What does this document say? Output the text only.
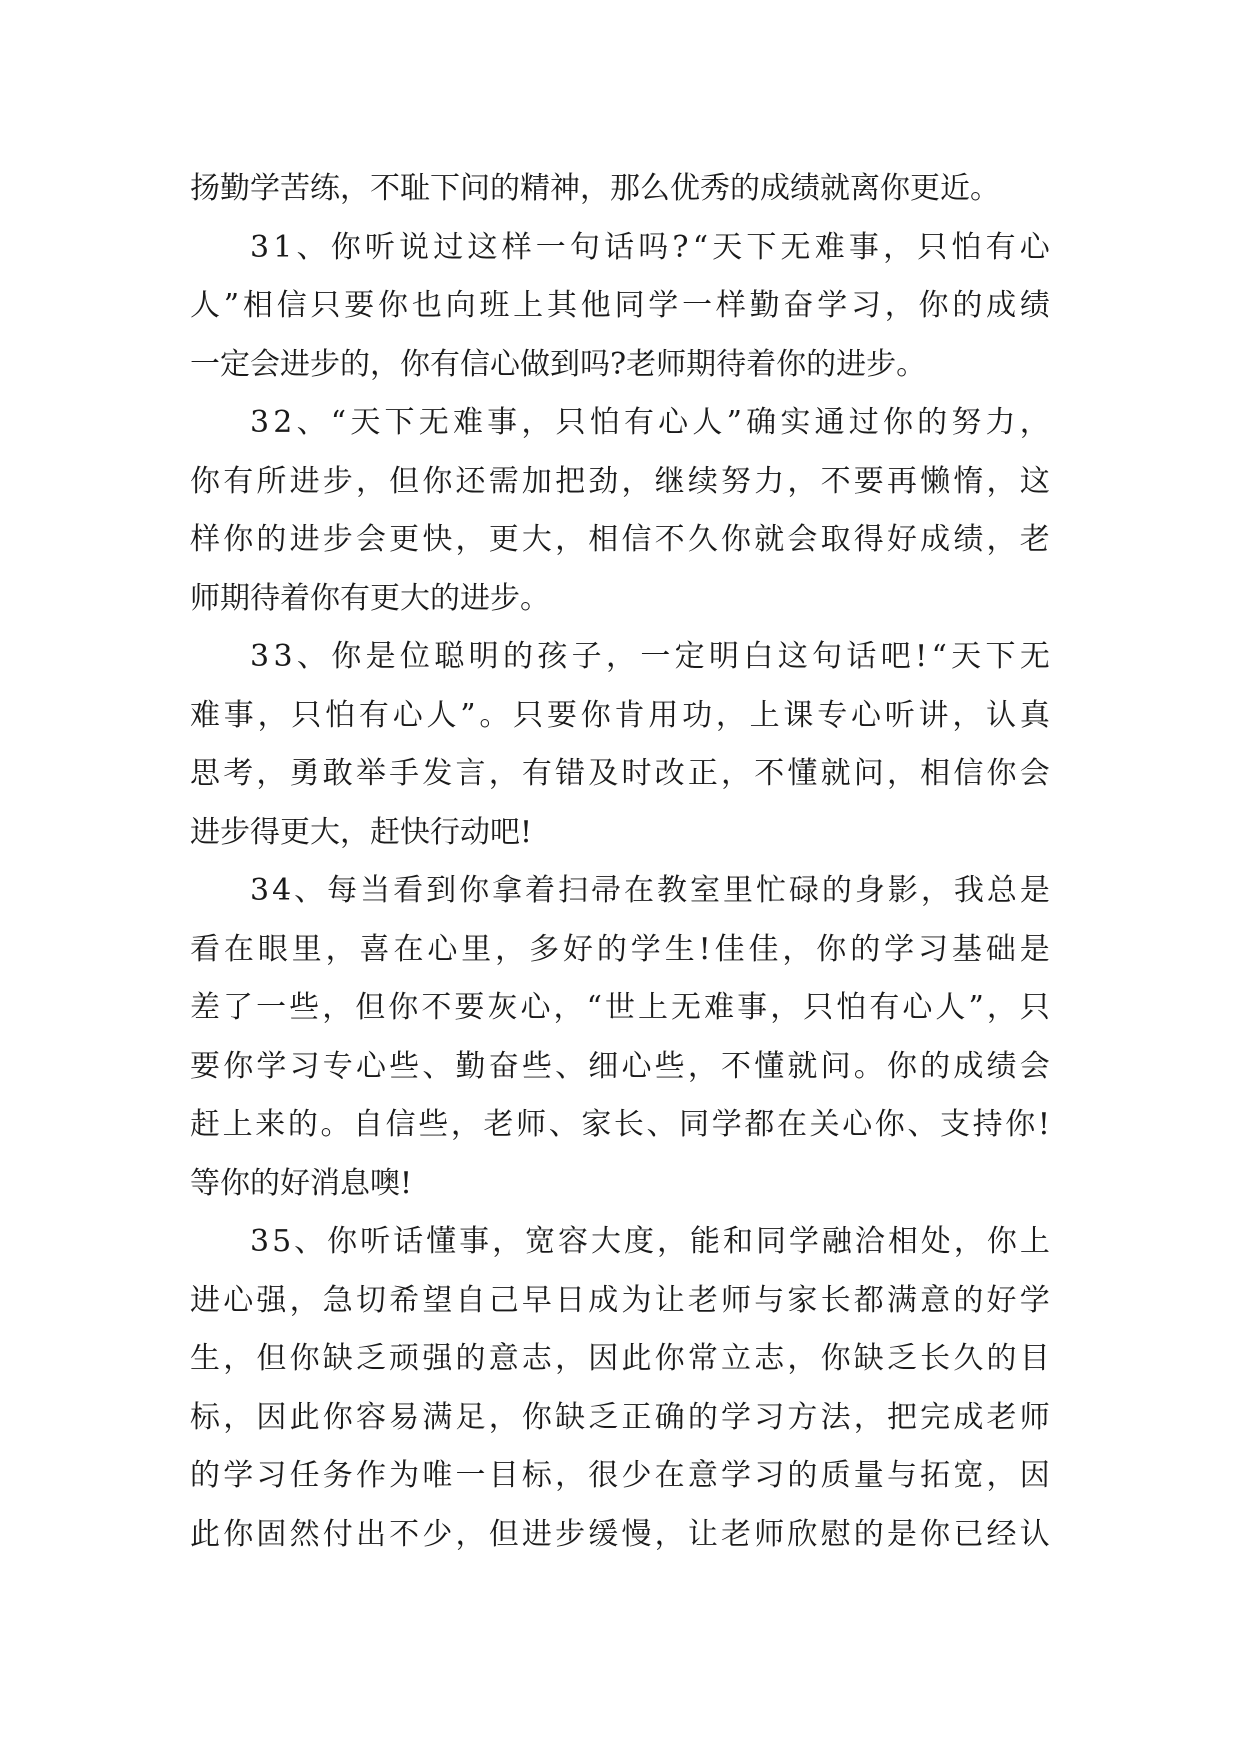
扬勤学苦练，不耻下问的精神，那么优秀的成绩就离你更近。
3 1 、 你 听 说 过 这 样 一 句 话 吗 ? “ 天 下 无 难 事 ， 只 怕 有 心
人 ” 相 信 只 要 你 也 向 班 上 其 他 同 学 一 样 勤 奋 学 习 ， 你 的 成 绩
一定会进步的，你有信心做到吗?老师期待着你的进步。
3 2 、 “ 天 下 无 难 事 ， 只 怕 有 心 人 ” 确 实 通 过 你 的 努 力 ，
你 有 所 进 步 ， 但 你 还 需 加 把 劲 ， 继 续 努 力 ， 不 要 再 懒 惰 ， 这
样 你 的 进 步 会 更 快 ， 更 大 ， 相 信 不 久 你 就 会 取 得 好 成 绩 ， 老
师期待着你有更大的进步。
3 3 、 你 是 位 聪 明 的 孩 子 ， 一 定 明 白 这 句 话 吧 ! “ 天 下 无
难 事 ， 只 怕 有 心 人 ” 。 只 要 你 肯 用 功 ， 上 课 专 心 听 讲 ， 认 真
思 考 ， 勇 敢 举 手 发 言 ， 有 错 及 时 改 正 ， 不 懂 就 问 ， 相 信 你 会
进步得更大，赶快行动吧!
3 4 、 每 当 看 到 你 拿 着 扫 帚 在 教 室 里 忙 碌 的 身 影 ， 我 总 是
看 在 眼 里 ， 喜 在 心 里 ， 多 好 的 学 生 ! 佳 佳 ， 你 的 学 习 基 础 是
差 了 一 些 ， 但 你 不 要 灰 心 ， “ 世 上 无 难 事 ， 只 怕 有 心 人 ” ， 只
要 你 学 习 专 心 些 、 勤 奋 些 、 细 心 些 ， 不 懂 就 问 。 你 的 成 绩 会
赶 上 来 的 。 自 信 些 ， 老 师 、 家 长 、 同 学 都 在 关 心 你 、 支 持 你 !
等你的好消息噢!
3 5 、 你 听 话 懂 事 ， 宽 容 大 度 ， 能 和 同 学 融 洽 相 处 ， 你 上
进 心 强 ， 急 切 希 望 自 己 早 日 成 为 让 老 师 与 家 长 都 满 意 的 好 学
生 ， 但 你 缺 乏 顽 强 的 意 志 ， 因 此 你 常 立 志 ， 你 缺 乏 长 久 的 目
标 ， 因 此 你 容 易 满 足 ， 你 缺 乏 正 确 的 学 习 方 法 ， 把 完 成 老 师
的 学 习 任 务 作 为 唯 一 目 标 ， 很 少 在 意 学 习 的 质 量 与 拓 宽 ， 因
此 你 固 然 付 出 不 少 ， 但 进 步 缓 慢 ， 让 老 师 欣 慰 的 是 你 已 经 认
